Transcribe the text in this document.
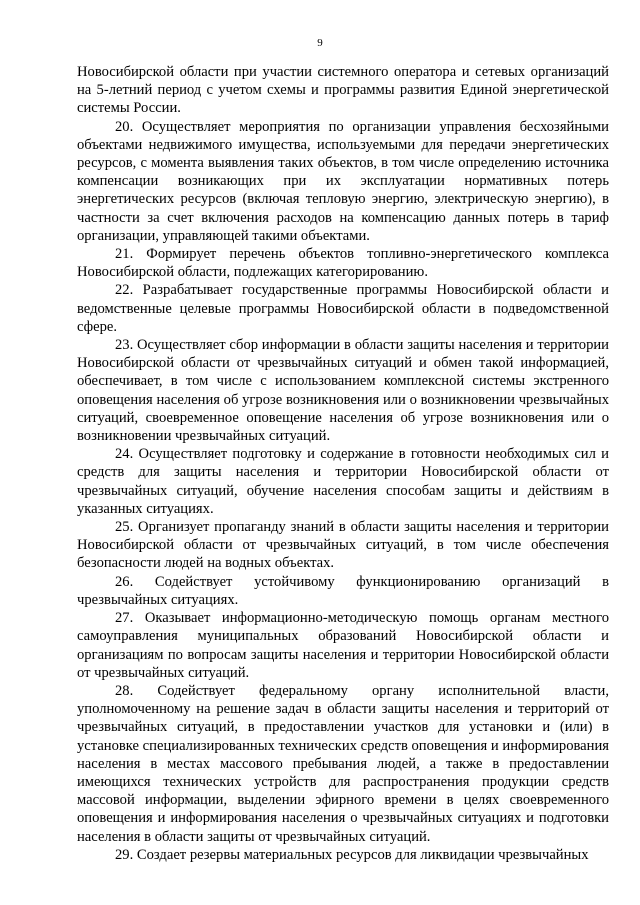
9

Новосибирской области при участии системного оператора и сетевых организаций на 5-летний период с учетом схемы и программы развития Единой энергетической системы России.

20. Осуществляет мероприятия по организации управления бесхозяйными объектами недвижимого имущества, используемыми для передачи энергетических ресурсов, с момента выявления таких объектов, в том числе определению источника компенсации возникающих при их эксплуатации нормативных потерь энергетических ресурсов (включая тепловую энергию, электрическую энергию), в частности за счет включения расходов на компенсацию данных потерь в тариф организации, управляющей такими объектами.

21. Формирует перечень объектов топливно-энергетического комплекса Новосибирской области, подлежащих категорированию.

22. Разрабатывает государственные программы Новосибирской области и ведомственные целевые программы Новосибирской области в подведомственной сфере.

23. Осуществляет сбор информации в области защиты населения и территории Новосибирской области от чрезвычайных ситуаций и обмен такой информацией, обеспечивает, в том числе с использованием комплексной системы экстренного оповещения населения об угрозе возникновения или о возникновении чрезвычайных ситуаций, своевременное оповещение населения об угрозе возникновения или о возникновении чрезвычайных ситуаций.

24. Осуществляет подготовку и содержание в готовности необходимых сил и средств для защиты населения и территории Новосибирской области от чрезвычайных ситуаций, обучение населения способам защиты и действиям в указанных ситуациях.

25. Организует пропаганду знаний в области защиты населения и территории Новосибирской области от чрезвычайных ситуаций, в том числе обеспечения безопасности людей на водных объектах.

26. Содействует устойчивому функционированию организаций в чрезвычайных ситуациях.

27. Оказывает информационно-методическую помощь органам местного самоуправления муниципальных образований Новосибирской области и организациям по вопросам защиты населения и территории Новосибирской области от чрезвычайных ситуаций.

28. Содействует федеральному органу исполнительной власти, уполномоченному на решение задач в области защиты населения и территорий от чрезвычайных ситуаций, в предоставлении участков для установки и (или) в установке специализированных технических средств оповещения и информирования населения в местах массового пребывания людей, а также в предоставлении имеющихся технических устройств для распространения продукции средств массовой информации, выделении эфирного времени в целях своевременного оповещения и информирования населения о чрезвычайных ситуациях и подготовки населения в области защиты от чрезвычайных ситуаций.

29. Создает резервы материальных ресурсов для ликвидации чрезвычайных
